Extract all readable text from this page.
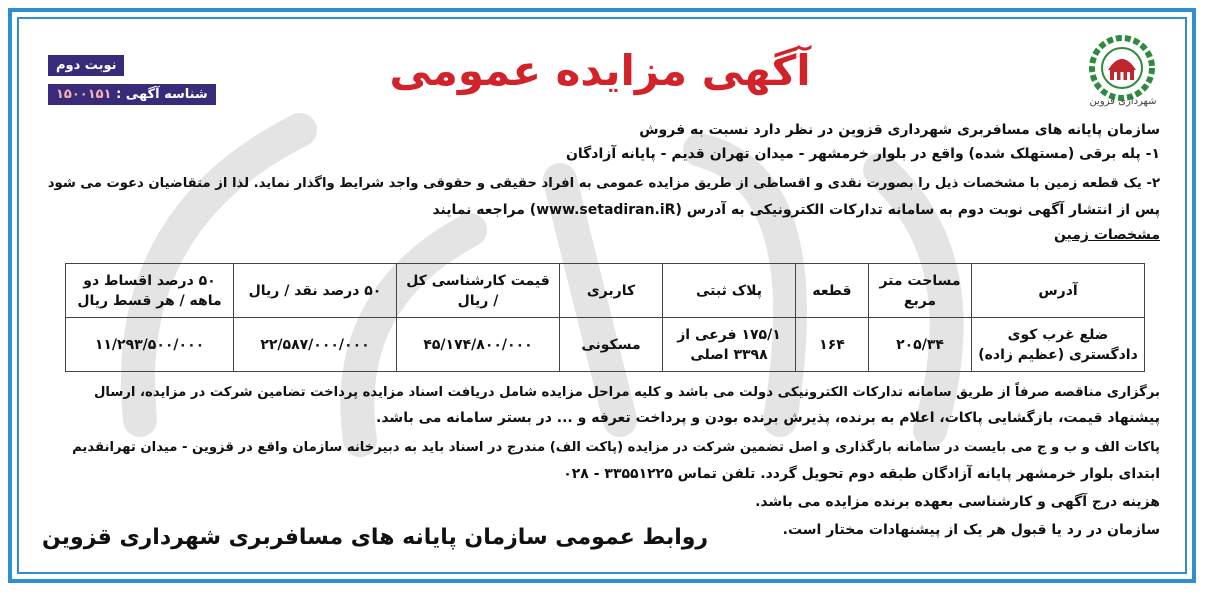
شهرداری قزوین
آگهی مزایده عمومی
نوبت دوم
شناسه آگهی : ۱۵۰۰۱۵۱
سازمان پایانه های مسافربری شهرداری قزوین در نظر دارد نسبت به فروش
۱- پله برقی (مستهلک شده) واقع در بلوار خرمشهر - میدان تهران قدیم - پایانه آزادگان
۲- یک قطعه زمین با مشخصات ذیل را بصورت نقدی و اقساطی از طریق مزایده عمومی به افراد حقیقی و حقوقی واجد شرایط واگذار نماید. لذا از متقاضیان دعوت می شود
پس از انتشار آگهی نوبت دوم به سامانه تدارکات الکترونیکی به آدرس (www.setadiran.iR) مراجعه نمایند
مشخصات زمین
آدرس	مساحت متر مربع	قطعه	پلاک ثبتی	کاربری	قیمت کارشناسی کل / ریال	۵۰ درصد نقد / ریال	۵۰ درصد اقساط دو ماهه / هر قسط ریال
ضلع غرب کوی دادگستری (عظیم زاده)	۲۰۵/۳۴	۱۶۴	۱۷۵/۱ فرعی از ۳۳۹۸ اصلی	مسکونی	۴۵/۱۷۴/۸۰۰/۰۰۰	۲۲/۵۸۷/۰۰۰/۰۰۰	۱۱/۲۹۳/۵۰۰/۰۰۰
برگزاری مناقصه صرفاً از طریق سامانه تدارکات الکترونیکی دولت می باشد و کلیه مراحل مزایده شامل دریافت اسناد مزایده پرداخت تضامین شرکت در مزایده، ارسال
پیشنهاد قیمت، بازگشایی پاکات، اعلام به برنده، پذیرش برنده بودن و پرداخت تعرفه و ... در بستر سامانه می باشد.
پاکات الف و ب و ج می بایست در سامانه بارگذاری و اصل تضمین شرکت در مزایده (پاکت الف) مندرج در اسناد باید به دبیرخانه سازمان واقع در قزوین - میدان تهرانقدیم
ابتدای بلوار خرمشهر پایانه آزادگان طبقه دوم تحویل گردد. تلفن تماس ۳۳۵۵۱۲۲۵ - ۰۲۸
هزینه درج آگهی و کارشناسی بعهده برنده مزایده می باشد.
سازمان در رد یا قبول هر یک از پیشنهادات مختار است.
روابط عمومی سازمان پایانه های مسافربری شهرداری قزوین
